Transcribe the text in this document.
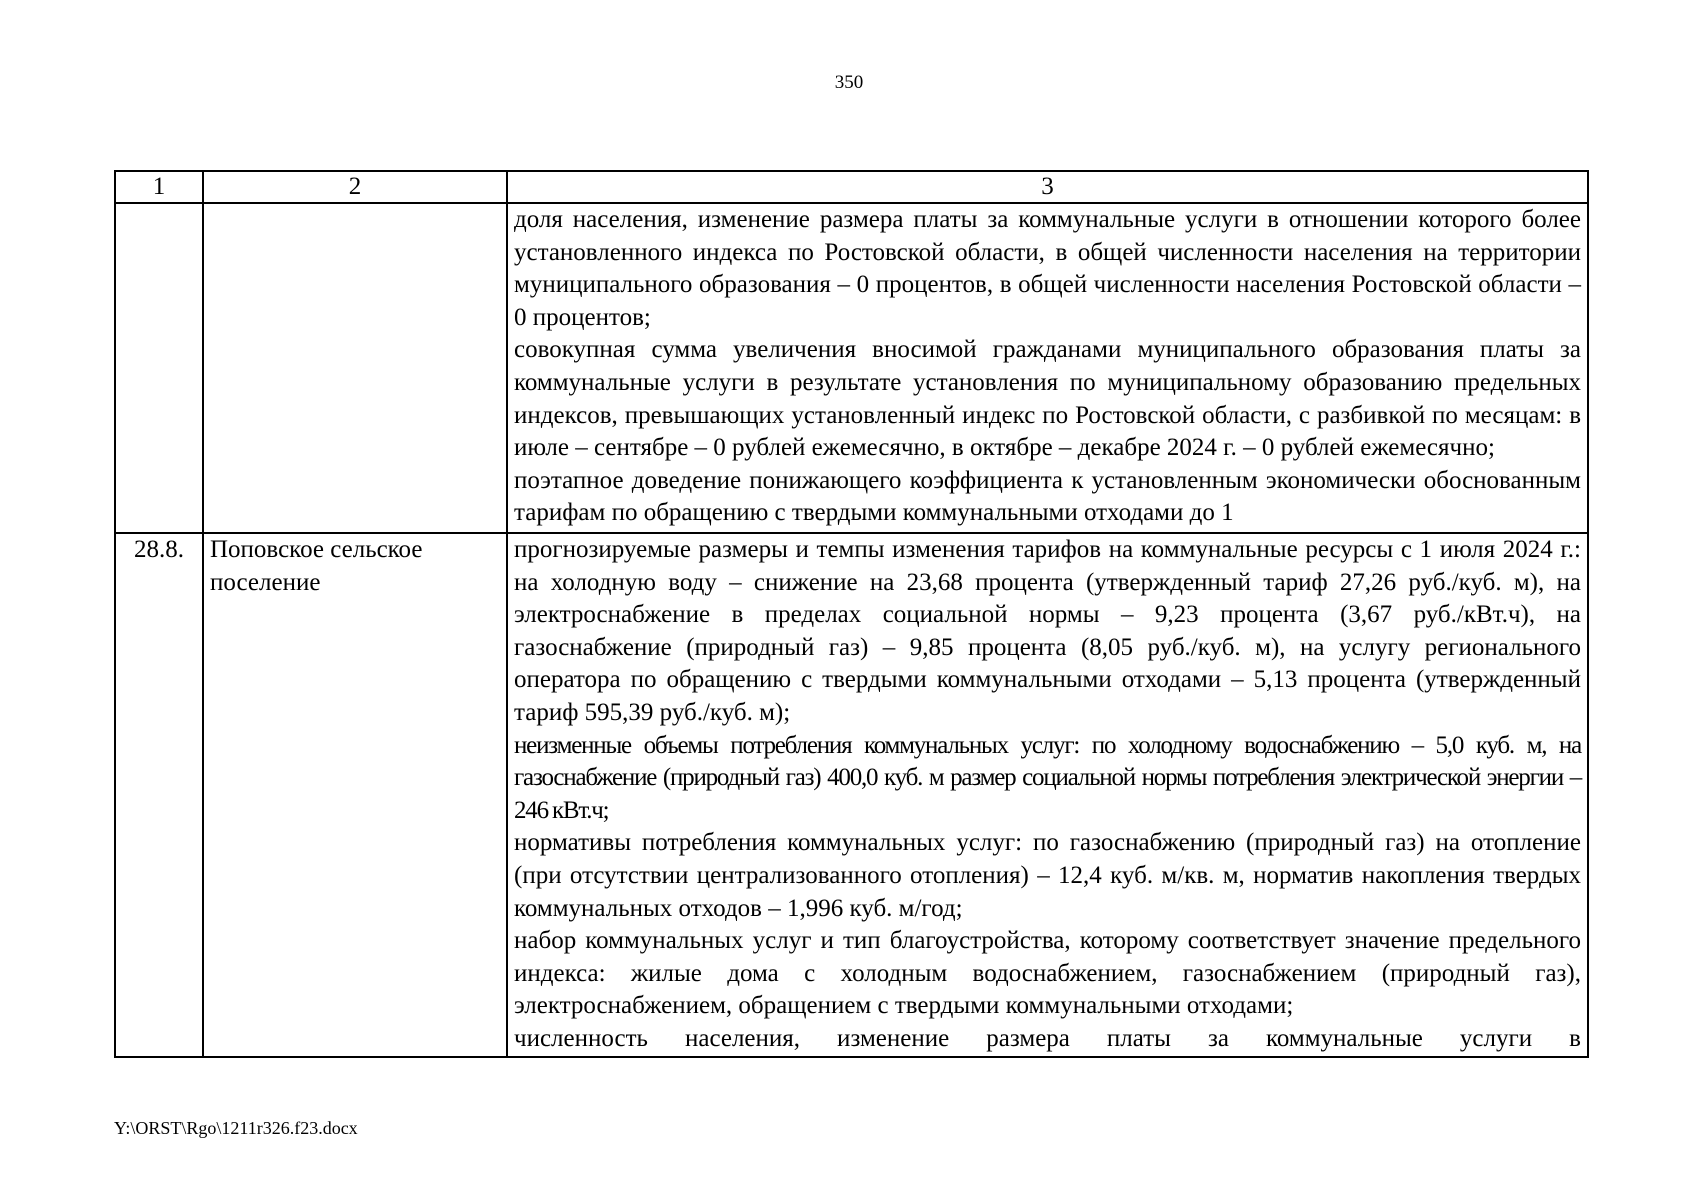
350
1	2	3

		доля населения, изменение размера платы за коммунальные услуги в отношении которого более установленного индекса по Ростовской области, в общей численности населения на территории муниципального образования – 0 процентов, в общей численности населения Ростовской области – 0 процентов;
совокупная сумма увеличения вносимой гражданами муниципального образования платы за коммунальные услуги в результате установления по муниципальному образованию предельных индексов, превышающих установленный индекс по Ростовской области, с разбивкой по месяцам: в июле – сентябре – 0 рублей ежемесячно, в октябре – декабре 2024 г. – 0 рублей ежемесячно;
поэтапное доведение понижающего коэффициента к установленным экономически обоснованным тарифам по обращению с твердыми коммунальными отходами до 1

28.8.	Поповское сельское поселение	прогнозируемые размеры и темпы изменения тарифов на коммунальные ресурсы с 1 июля 2024 г.: на холодную воду – снижение на 23,68 процента (утвержденный тариф 27,26 руб./куб. м), на электроснабжение в пределах социальной нормы – 9,23 процента (3,67 руб./кВт.ч), на газоснабжение (природный газ) – 9,85 процента (8,05 руб./куб. м), на услугу регионального оператора по обращению с твердыми коммунальными отходами – 5,13 процента (утвержденный тариф 595,39 руб./куб. м);
неизменные объемы потребления коммунальных услуг: по холодному водоснабжению – 5,0 куб. м, на газоснабжение (природный газ) 400,0 куб. м размер социальной нормы потребления электрической энергии – 246 кВт.ч;
нормативы потребления коммунальных услуг: по газоснабжению (природный газ) на отопление (при отсутствии централизованного отопления) – 12,4 куб. м/кв. м, норматив накопления твердых коммунальных отходов – 1,996 куб. м/год;
набор коммунальных услуг и тип благоустройства, которому соответствует значение предельного индекса: жилые дома с холодным водоснабжением, газоснабжением (природный газ), электроснабжением, обращением с твердыми коммунальными отходами;
численность населения, изменение размера платы за коммунальные услуги в
Y:\ORST\Rgo\1211r326.f23.docx
